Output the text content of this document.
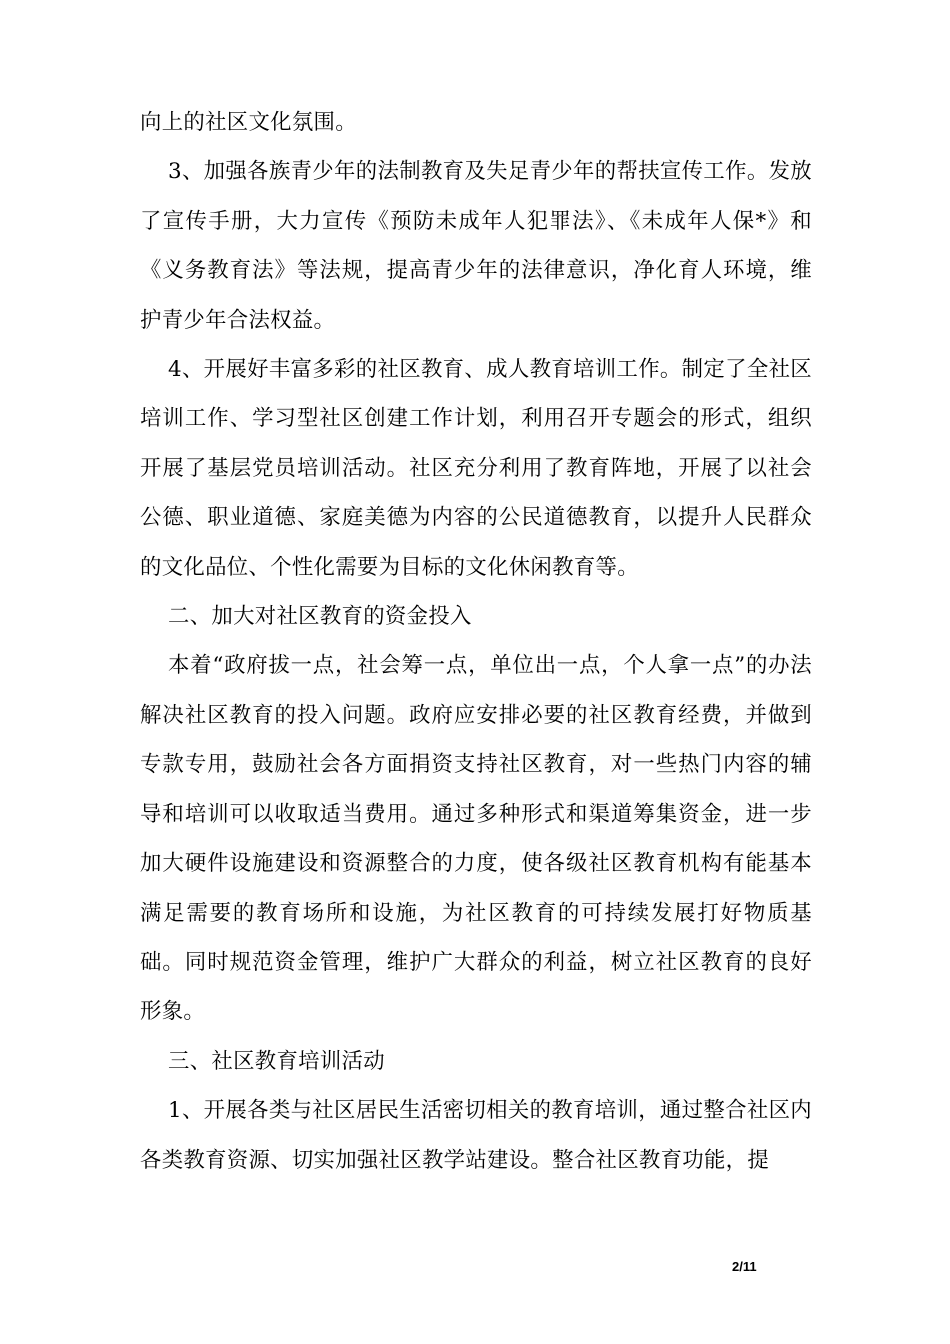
向上的社区文化氛围。

3、加强各族青少年的法制教育及失足青少年的帮扶宣传工作。发放了宣传手册，大力宣传《预防未成年人犯罪法》、《未成年人保*》和《义务教育法》等法规，提高青少年的法律意识，净化育人环境，维护青少年合法权益。

4、开展好丰富多彩的社区教育、成人教育培训工作。制定了全社区培训工作、学习型社区创建工作计划，利用召开专题会的形式，组织开展了基层党员培训活动。社区充分利用了教育阵地，开展了以社会公德、职业道德、家庭美德为内容的公民道德教育，以提升人民群众的文化品位、个性化需要为目标的文化休闲教育等。

二、加大对社区教育的资金投入

本着“政府拔一点，社会筹一点，单位出一点，个人拿一点”的办法解决社区教育的投入问题。政府应安排必要的社区教育经费，并做到专款专用，鼓励社会各方面捐资支持社区教育，对一些热门内容的辅导和培训可以收取适当费用。通过多种形式和渠道筹集资金，进一步加大硬件设施建设和资源整合的力度，使各级社区教育机构有能基本满足需要的教育场所和设施，为社区教育的可持续发展打好物质基础。同时规范资金管理，维护广大群众的利益，树立社区教育的良好形象。

三、社区教育培训活动

1、开展各类与社区居民生活密切相关的教育培训，通过整合社区内各类教育资源、切实加强社区教学站建设。整合社区教育功能，提

2/11
